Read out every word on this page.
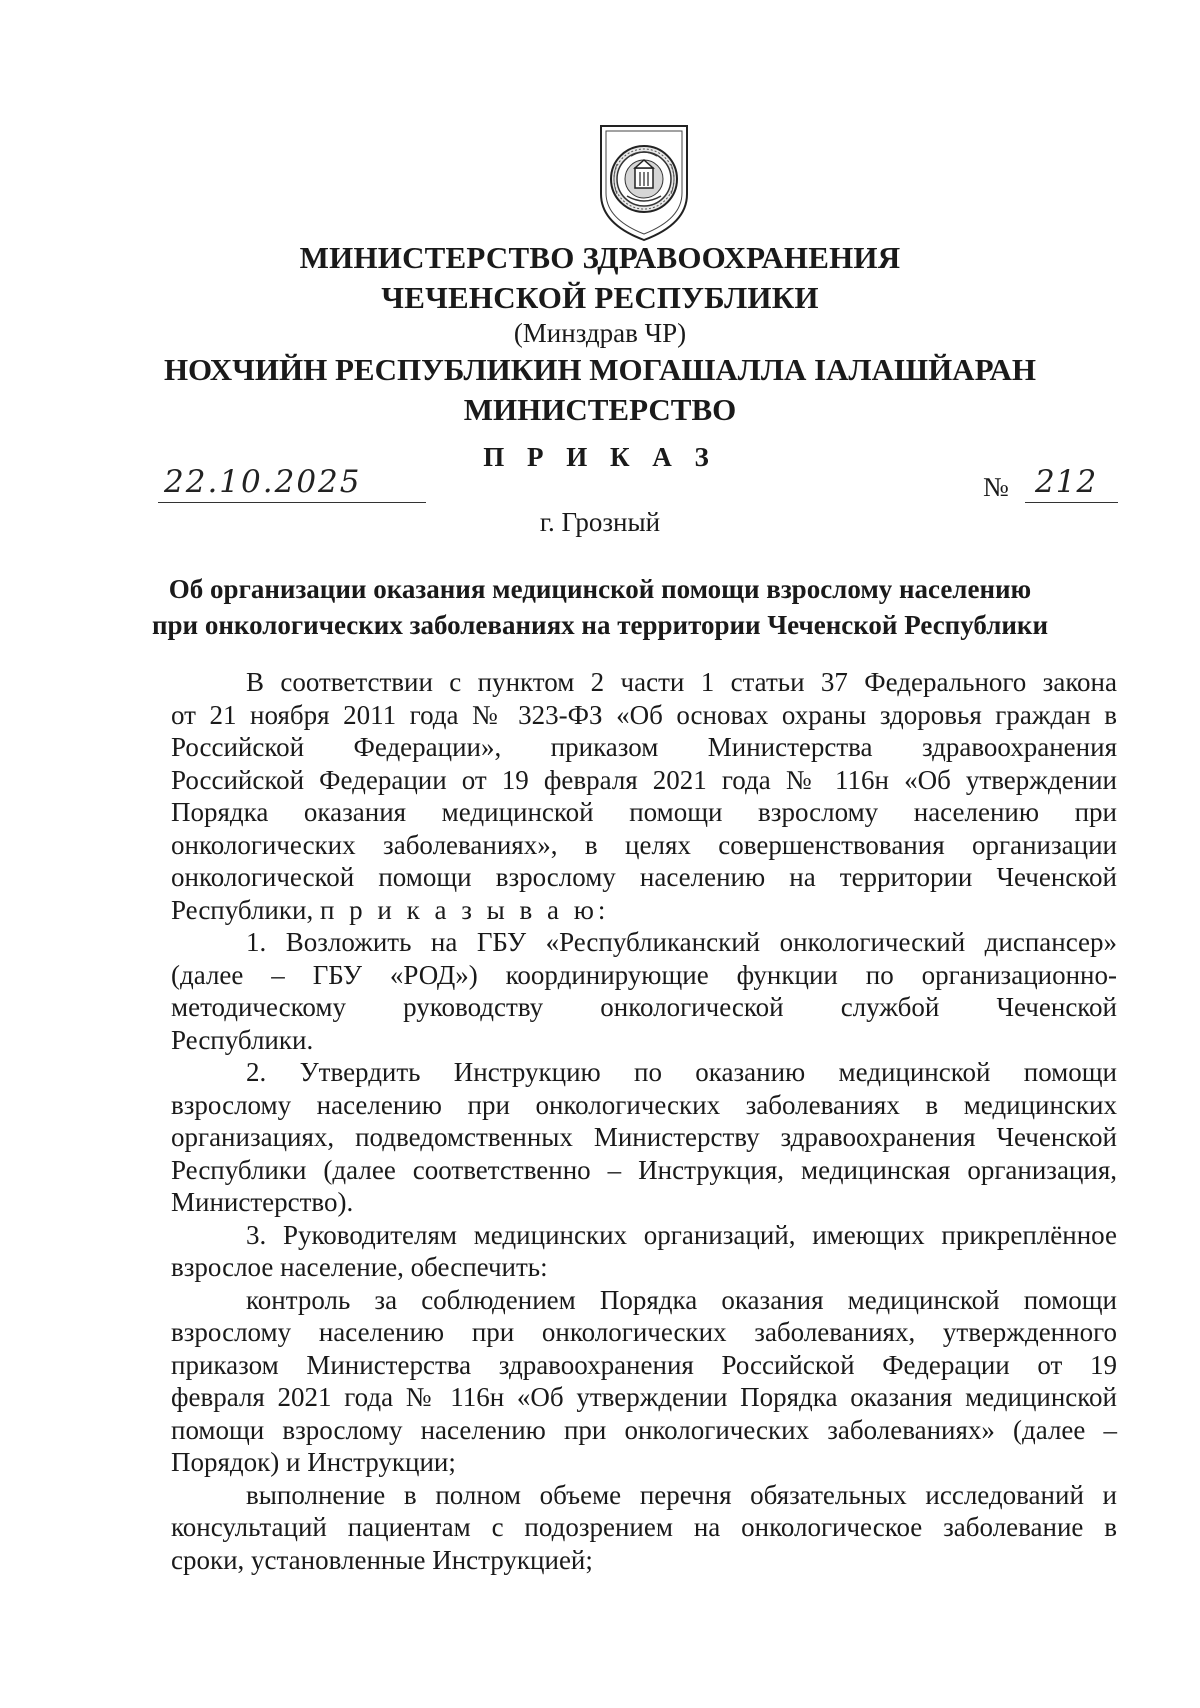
МИНИСТЕРСТВО ЗДРАВООХРАНЕНИЯ
ЧЕЧЕНСКОЙ РЕСПУБЛИКИ
(Минздрав ЧР)
НОХЧИЙН РЕСПУБЛИКИН МОГАШАЛЛА ІАЛАШЙАРАН
МИНИСТЕРСТВО
П Р И К А З
22.10.2025	№ 212
г. Грозный
Об организации оказания медицинской помощи взрослому населению
при онкологических заболеваниях на территории Чеченской Республики

В соответствии с пунктом 2 части 1 статьи 37 Федерального закона

от 21 ноября 2011 года № 323-ФЗ «Об основах охраны здоровья граждан в

Российской Федерации», приказом Министерства здравоохранения

Российской Федерации от 19 февраля 2021 года № 116н «Об утверждении

Порядка оказания медицинской помощи взрослому населению при

онкологических заболеваниях», в целях совершенствования организации

онкологической помощи взрослому населению на территории Чеченской

Республики, п р и к а з ы в а ю:

1. Возложить на ГБУ «Республиканский онкологический диспансер»

(далее – ГБУ «РОД») координирующие функции по организационно-

методическому руководству онкологической службой Чеченской

Республики.

2. Утвердить Инструкцию по оказанию медицинской помощи

взрослому населению при онкологических заболеваниях в медицинских

организациях, подведомственных Министерству здравоохранения Чеченской

Республики (далее соответственно – Инструкция, медицинская организация,

Министерство).

3. Руководителям медицинских организаций, имеющих прикреплённое

взрослое население, обеспечить:

контроль за соблюдением Порядка оказания медицинской помощи

взрослому населению при онкологических заболеваниях, утвержденного

приказом Министерства здравоохранения Российской Федерации от 19

февраля 2021 года № 116н «Об утверждении Порядка оказания медицинской

помощи взрослому населению при онкологических заболеваниях» (далее –

Порядок) и Инструкции;

выполнение в полном объеме перечня обязательных исследований и

консультаций пациентам с подозрением на онкологическое заболевание в

сроки, установленные Инструкцией;
